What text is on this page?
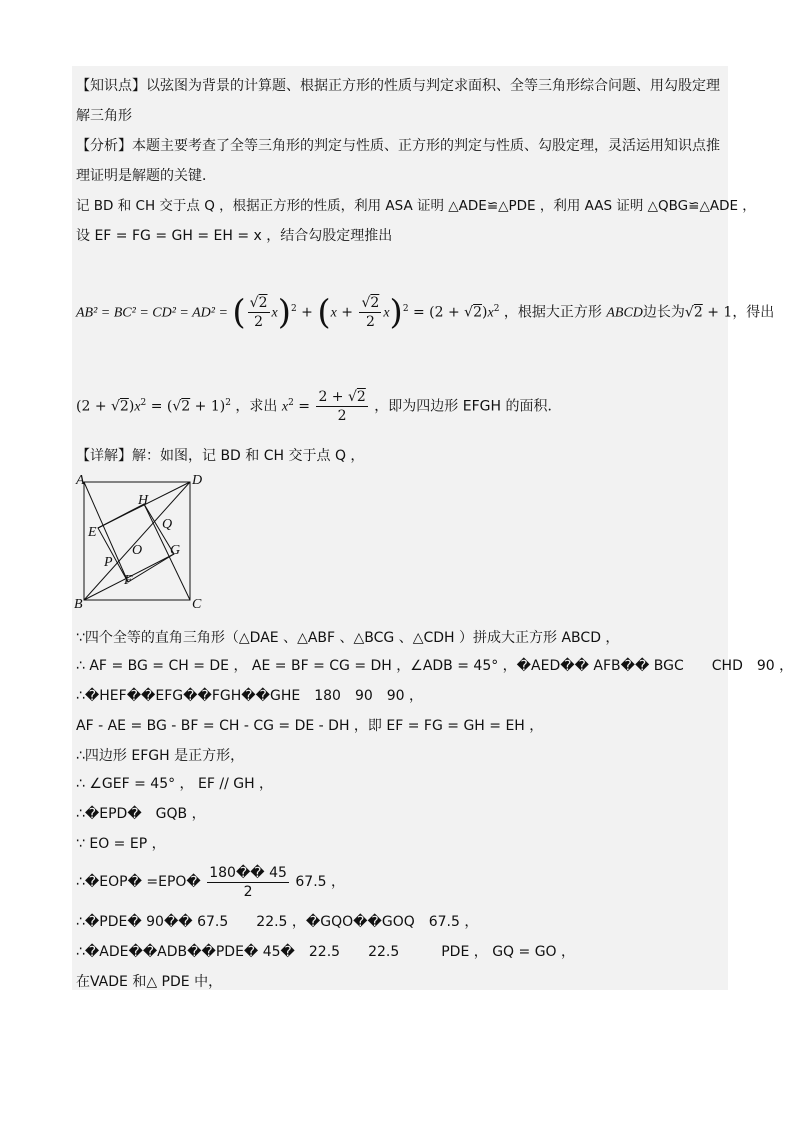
【知识点】以弦图为背景的计算题、根据正方形的性质与判定求面积、全等三角形综合问题、用勾股定理
解三角形
【分析】本题主要考查了全等三角形的判定与性质、正方形的判定与性质、勾股定理，灵活运用知识点推
理证明是解题的关键．
记 BD 和 CH 交于点 Q ，根据正方形的性质，利用 ASA 证明 △ADE≌△PDE ，利用 AAS 证明 △QBG≌△ADE ，
设 EF = FG = GH = EH = x ，结合勾股定理推出
AB² = BC² = CD² = AD² = ( $\frac{√2}{2} x)^2 + (x + \frac{√2}{2} x)^2 = (2 + √2)x^2$ ，根据大正方形 ABCD边长为√2 + 1，得出
$(2 + √2)x^2 = (√2 + 1)^2$ ，求出 $x^2 = \frac{2 + √2}{2}$ ，即为四边形 EFGH 的面积．
【详解】解：如图，记 BD 和 CH 交于点 Q ，
A	D
B	C
H
Q
E
O G
P
F
∵四个全等的直角三角形（△DAE 、△ABF 、△BCG 、△CDH ）拼成大正方形 ABCD ，
∴ AF = BG = CH = DE ， AE = BF = CG = DH ，∠ADB = 45° ，�AED�� AFB�� BGC　　CHD　90 ，
∴�HEF��EFG��FGH��GHE　180　90　90 ，
AF - AE = BG - BF = CH - CG = DE - DH ，即 EF = FG = GH = EH ，
∴四边形 EFGH 是正方形，
∴ ∠GEF = 45° ， EF // GH ，
∴�EPD�　GQB ，
∵ EO = EP ，
∴�EOP� =EPO� $\frac{180�� 45}{2} 67.5$ ，
∴�PDE� 90�� 67.5　　22.5 ，�GQO��GOQ　67.5 ，
∴�ADE��ADB��PDE� 45�　22.5　　22.5　　　PDE ， GQ = GO ，
在VADE 和△ PDE 中，
